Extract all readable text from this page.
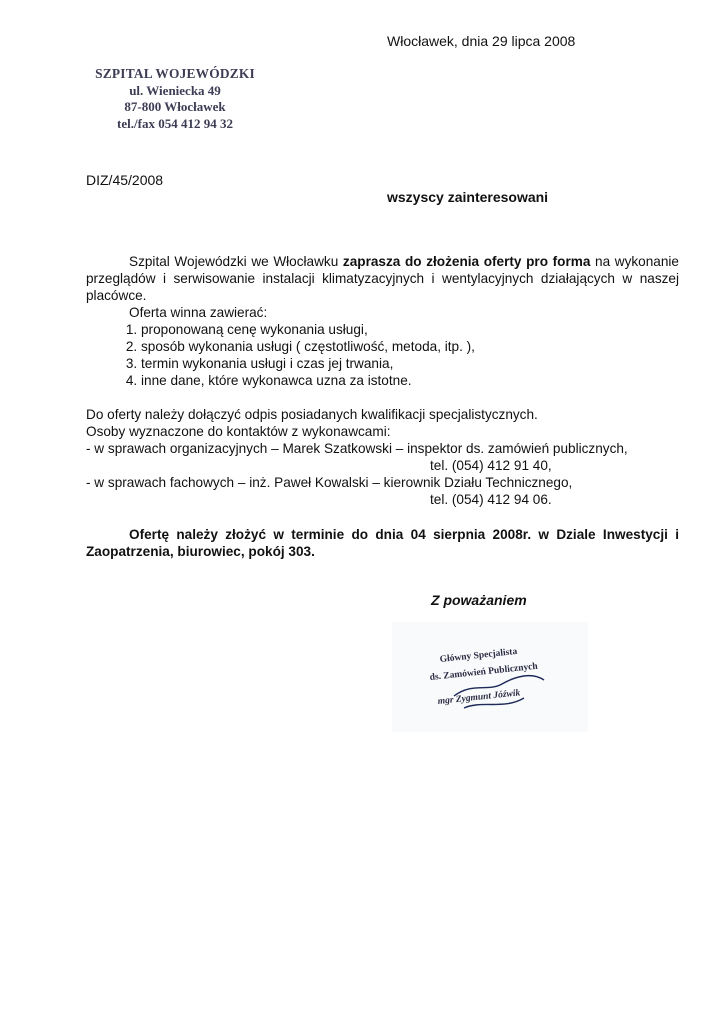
Włocławek, dnia 29 lipca 2008
SZPITAL WOJEWÓDZKI
ul. Wieniecka 49
87-800 Włocławek
tel./fax 054 412 94 32
DIZ/45/2008
wszyscy zainteresowani

Szpital Wojewódzki we Włocławku zaprasza do złożenia oferty pro forma na wykonanie przeglądów i serwisowanie instalacji klimatyzacyjnych i wentylacyjnych działających w naszej placówce.

Oferta winna zawierać:

1. proponowaną cenę wykonania usługi,
2. sposób wykonania usługi ( częstotliwość, metoda, itp. ),
3. termin wykonania usługi i czas jej trwania,
4. inne dane, które wykonawca uzna za istotne.

Do oferty należy dołączyć odpis posiadanych kwalifikacji specjalistycznych.

Osoby wyznaczone do kontaktów z wykonawcami:

- w sprawach organizacyjnych – Marek Szatkowski – inspektor ds. zamówień publicznych,

tel. (054) 412 91 40,

- w sprawach fachowych – inż. Paweł Kowalski – kierownik Działu Technicznego,

tel. (054) 412 94 06.

Ofertę należy złożyć w terminie do dnia 04 sierpnia 2008r. w Dziale Inwestycji i Zaopatrzenia, biurowiec, pokój 303.

Z poważaniem
Główny Specjalista
ds. Zamówień Publicznych
mgr Zygmunt Jóźwik
